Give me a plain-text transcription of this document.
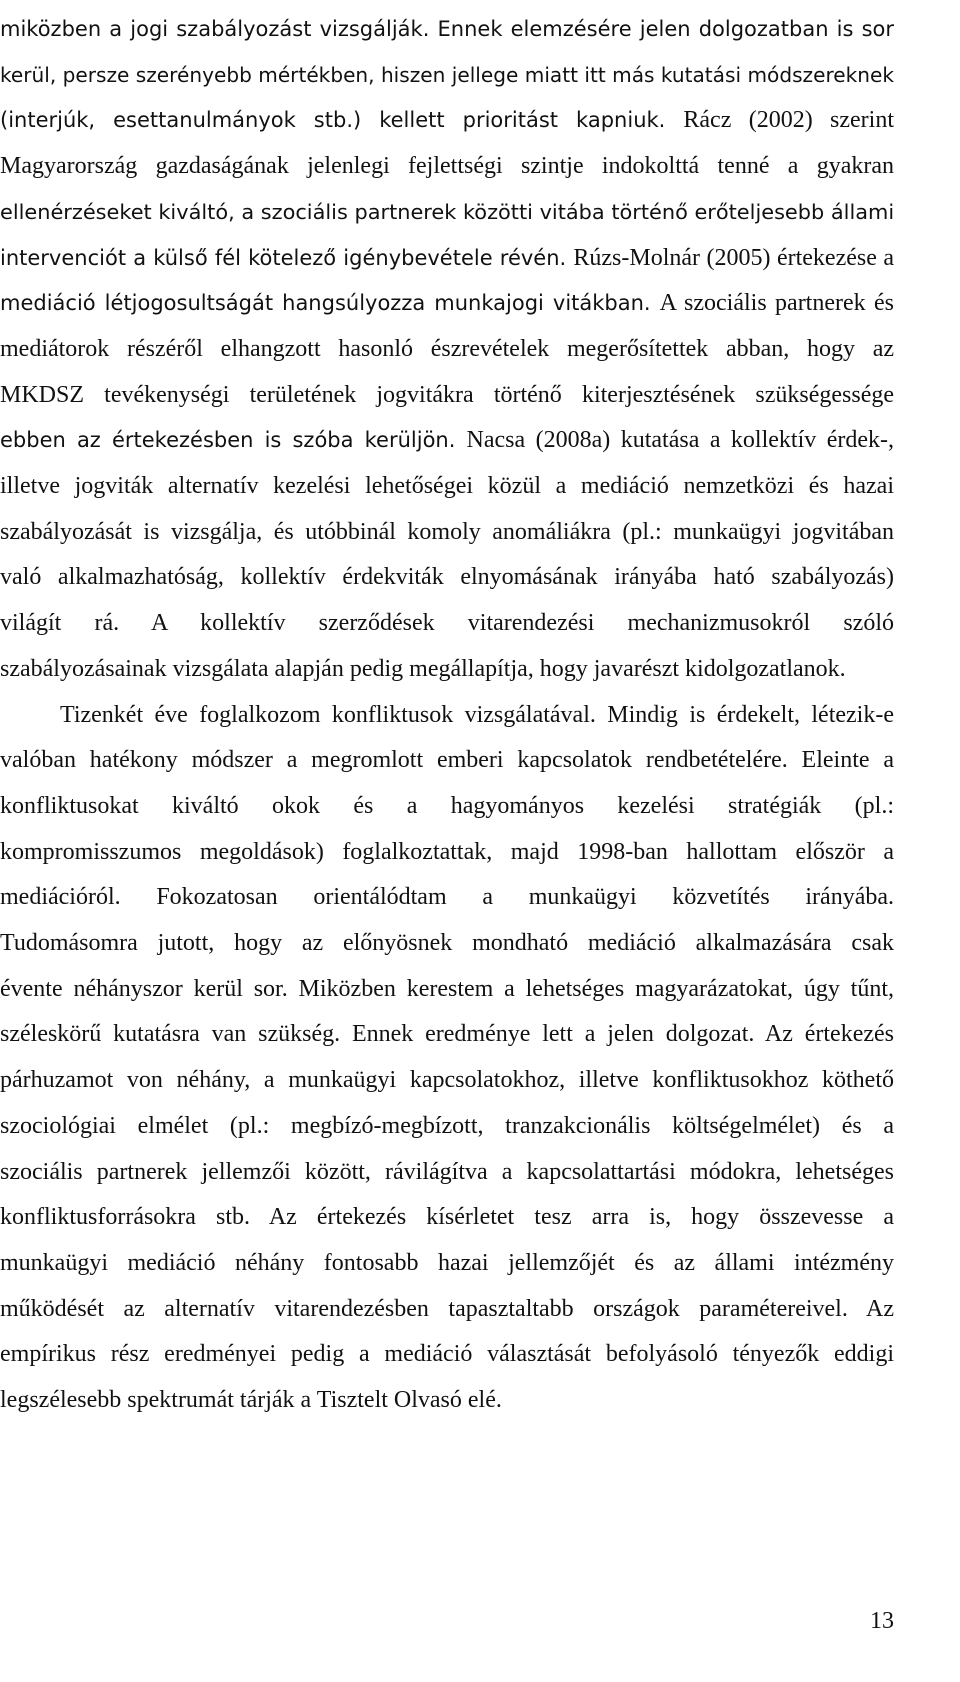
miközben a jogi szabályozást vizsgálják. Ennek elemzésére jelen dolgozatban is sor
kerül, persze szerényebb mértékben, hiszen jellege miatt itt más kutatási módszereknek
(interjúk, esettanulmányok stb.) kellett prioritást kapniuk. Rácz (2002) szerint
Magyarország gazdaságának jelenlegi fejlettségi szintje indokolttá tenné a gyakran
ellenérzéseket kiváltó, a szociális partnerek közötti vitába történő erőteljesebb állami
intervenciót a külső fél kötelező igénybevétele révén. Rúzs-Molnár (2005) értekezése a
mediáció létjogosultságát hangsúlyozza munkajogi vitákban. A szociális partnerek és
mediátorok részéről elhangzott hasonló észrevételek megerősítettek abban, hogy az
MKDSZ tevékenységi területének jogvitákra történő kiterjesztésének szükségessége
ebben az értekezésben is szóba kerüljön. Nacsa (2008a) kutatása a kollektív érdek-,
illetve jogviták alternatív kezelési lehetőségei közül a mediáció nemzetközi és hazai
szabályozását is vizsgálja, és utóbbinál komoly anomáliákra (pl.: munkaügyi jogvitában
való alkalmazhatóság, kollektív érdekviták elnyomásának irányába ható szabályozás)
világít rá. A kollektív szerződések vitarendezési mechanizmusokról szóló
szabályozásainak vizsgálata alapján pedig megállapítja, hogy javarészt kidolgozatlanok.
Tizenkét éve foglalkozom konfliktusok vizsgálatával. Mindig is érdekelt, létezik-e
valóban hatékony módszer a megromlott emberi kapcsolatok rendbetételére. Eleinte a
konfliktusokat kiváltó okok és a hagyományos kezelési stratégiák (pl.:
kompromisszumos megoldások) foglalkoztattak, majd 1998-ban hallottam először a
mediációról. Fokozatosan orientálódtam a munkaügyi közvetítés irányába.
Tudomásomra jutott, hogy az előnyösnek mondható mediáció alkalmazására csak
évente néhányszor kerül sor. Miközben kerestem a lehetséges magyarázatokat, úgy tűnt,
széleskörű kutatásra van szükség. Ennek eredménye lett a jelen dolgozat. Az értekezés
párhuzamot von néhány, a munkaügyi kapcsolatokhoz, illetve konfliktusokhoz köthető
szociológiai elmélet (pl.: megbízó-megbízott, tranzakcionális költségelmélet) és a
szociális partnerek jellemzői között, rávilágítva a kapcsolattartási módokra, lehetséges
konfliktusforrásokra stb. Az értekezés kísérletet tesz arra is, hogy összevesse a
munkaügyi mediáció néhány fontosabb hazai jellemzőjét és az állami intézmény
működését az alternatív vitarendezésben tapasztaltabb országok paramétereivel. Az
empírikus rész eredményei pedig a mediáció választását befolyásoló tényezők eddigi
legszélesebb spektrumát tárják a Tisztelt Olvasó elé.
13
